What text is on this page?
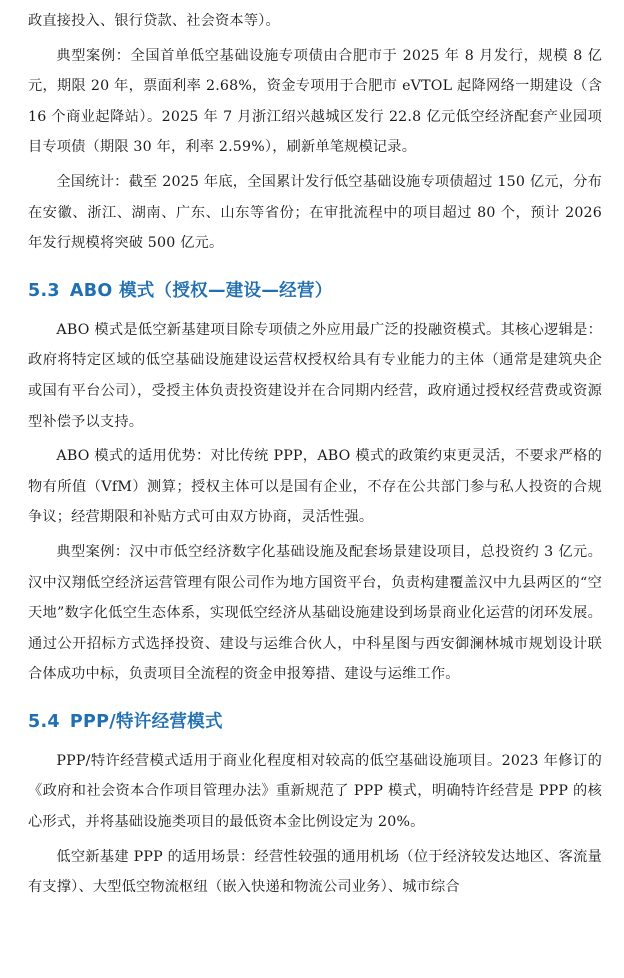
政直接投入、银行贷款、社会资本等）。

典型案例：全国首单低空基础设施专项债由合肥市于 2025 年 8 月发行，规模 8 亿元，期限 20 年，票面利率 2.68%，资金专项用于合肥市 eVTOL 起降网络一期建设（含 16 个商业起降站）。2025 年 7 月浙江绍兴越城区发行 22.8 亿元低空经济配套产业园项目专项债（期限 30 年，利率 2.59%），刷新单笔规模记录。

全国统计：截至 2025 年底，全国累计发行低空基础设施专项债超过 150 亿元，分布在安徽、浙江、湖南、广东、山东等省份；在审批流程中的项目超过 80 个，预计 2026 年发行规模将突破 500 亿元。

5.3 ABO 模式（授权—建设—经营）

ABO 模式是低空新基建项目除专项债之外应用最广泛的投融资模式。其核心逻辑是：政府将特定区域的低空基础设施建设运营权授权给具有专业能力的主体（通常是建筑央企或国有平台公司），受授主体负责投资建设并在合同期内经营，政府通过授权经营费或资源型补偿予以支持。

ABO 模式的适用优势：对比传统 PPP，ABO 模式的政策约束更灵活，不要求严格的物有所值（VfM）测算；授权主体可以是国有企业，不存在公共部门参与私人投资的合规争议；经营期限和补贴方式可由双方协商，灵活性强。

典型案例：汉中市低空经济数字化基础设施及配套场景建设项目，总投资约 3 亿元。汉中汉翔低空经济运营管理有限公司作为地方国资平台，负责构建覆盖汉中九县两区的“空天地”数字化低空生态体系，实现低空经济从基础设施建设到场景商业化运营的闭环发展。通过公开招标方式选择投资、建设与运维合伙人，中科星图与西安御澜林城市规划设计联合体成功中标，负责项目全流程的资金申报筹措、建设与运维工作。

5.4 PPP/特许经营模式

PPP/特许经营模式适用于商业化程度相对较高的低空基础设施项目。2023 年修订的《政府和社会资本合作项目管理办法》重新规范了 PPP 模式，明确特许经营是 PPP 的核心形式，并将基础设施类项目的最低资本金比例设定为 20%。

低空新基建 PPP 的适用场景：经营性较强的通用机场（位于经济较发达地区、客流量有支撑）、大型低空物流枢纽（嵌入快递和物流公司业务）、城市综合
